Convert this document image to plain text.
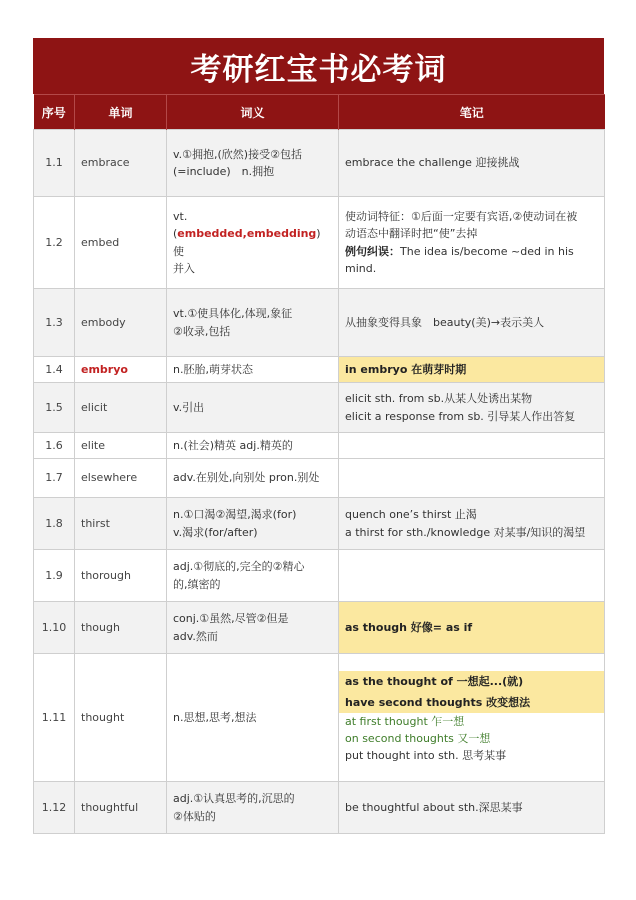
考研红宝书必考词
序号	单词	词义	笔记
1.1	embrace	v.①拥抱,(欣然)接受②包括
(=include)　n.拥抱	embrace the challenge 迎接挑战

1.2	embed	vt.(embedded,embedding) 使
并入	使动词特征：①后面一定要有宾语,②使动词在被
动语态中翻译时把“使”去掉
例句纠误：The idea is/become ~ded in his mind.

1.3	embody	vt.①使具体化,体现,象征
②收录,包括	从抽象变得具象　beauty(美)→表示美人

1.4	embryo	n.胚胎,萌芽状态	in embryo 在萌芽时期

1.5	elicit	v.引出	elicit sth. from sb.从某人处诱出某物
elicit a response from sb. 引导某人作出答复

1.6	elite	n.(社会)精英 adj.精英的	

1.7	elsewhere	adv.在别处,向别处 pron.别处	

1.8	thirst	n.①口渴②渴望,渴求(for)
v.渴求(for/after)	quench one’s thirst 止渴
a thirst for sth./knowledge 对某事/知识的渴望

1.9	thorough	adj.①彻底的,完全的②精心
的,缜密的	

1.10	though	conj.①虽然,尽管②但是
adv.然而	as though 好像= as if

1.11	thought	n.思想,思考,想法	as the thought of 一想起...(就)
have second thoughts 改变想法
at first thought 乍一想
on second thoughts 又一想
put thought into sth. 思考某事

1.12	thoughtful	adj.①认真思考的,沉思的
②体贴的	be thoughtful about sth.深思某事
